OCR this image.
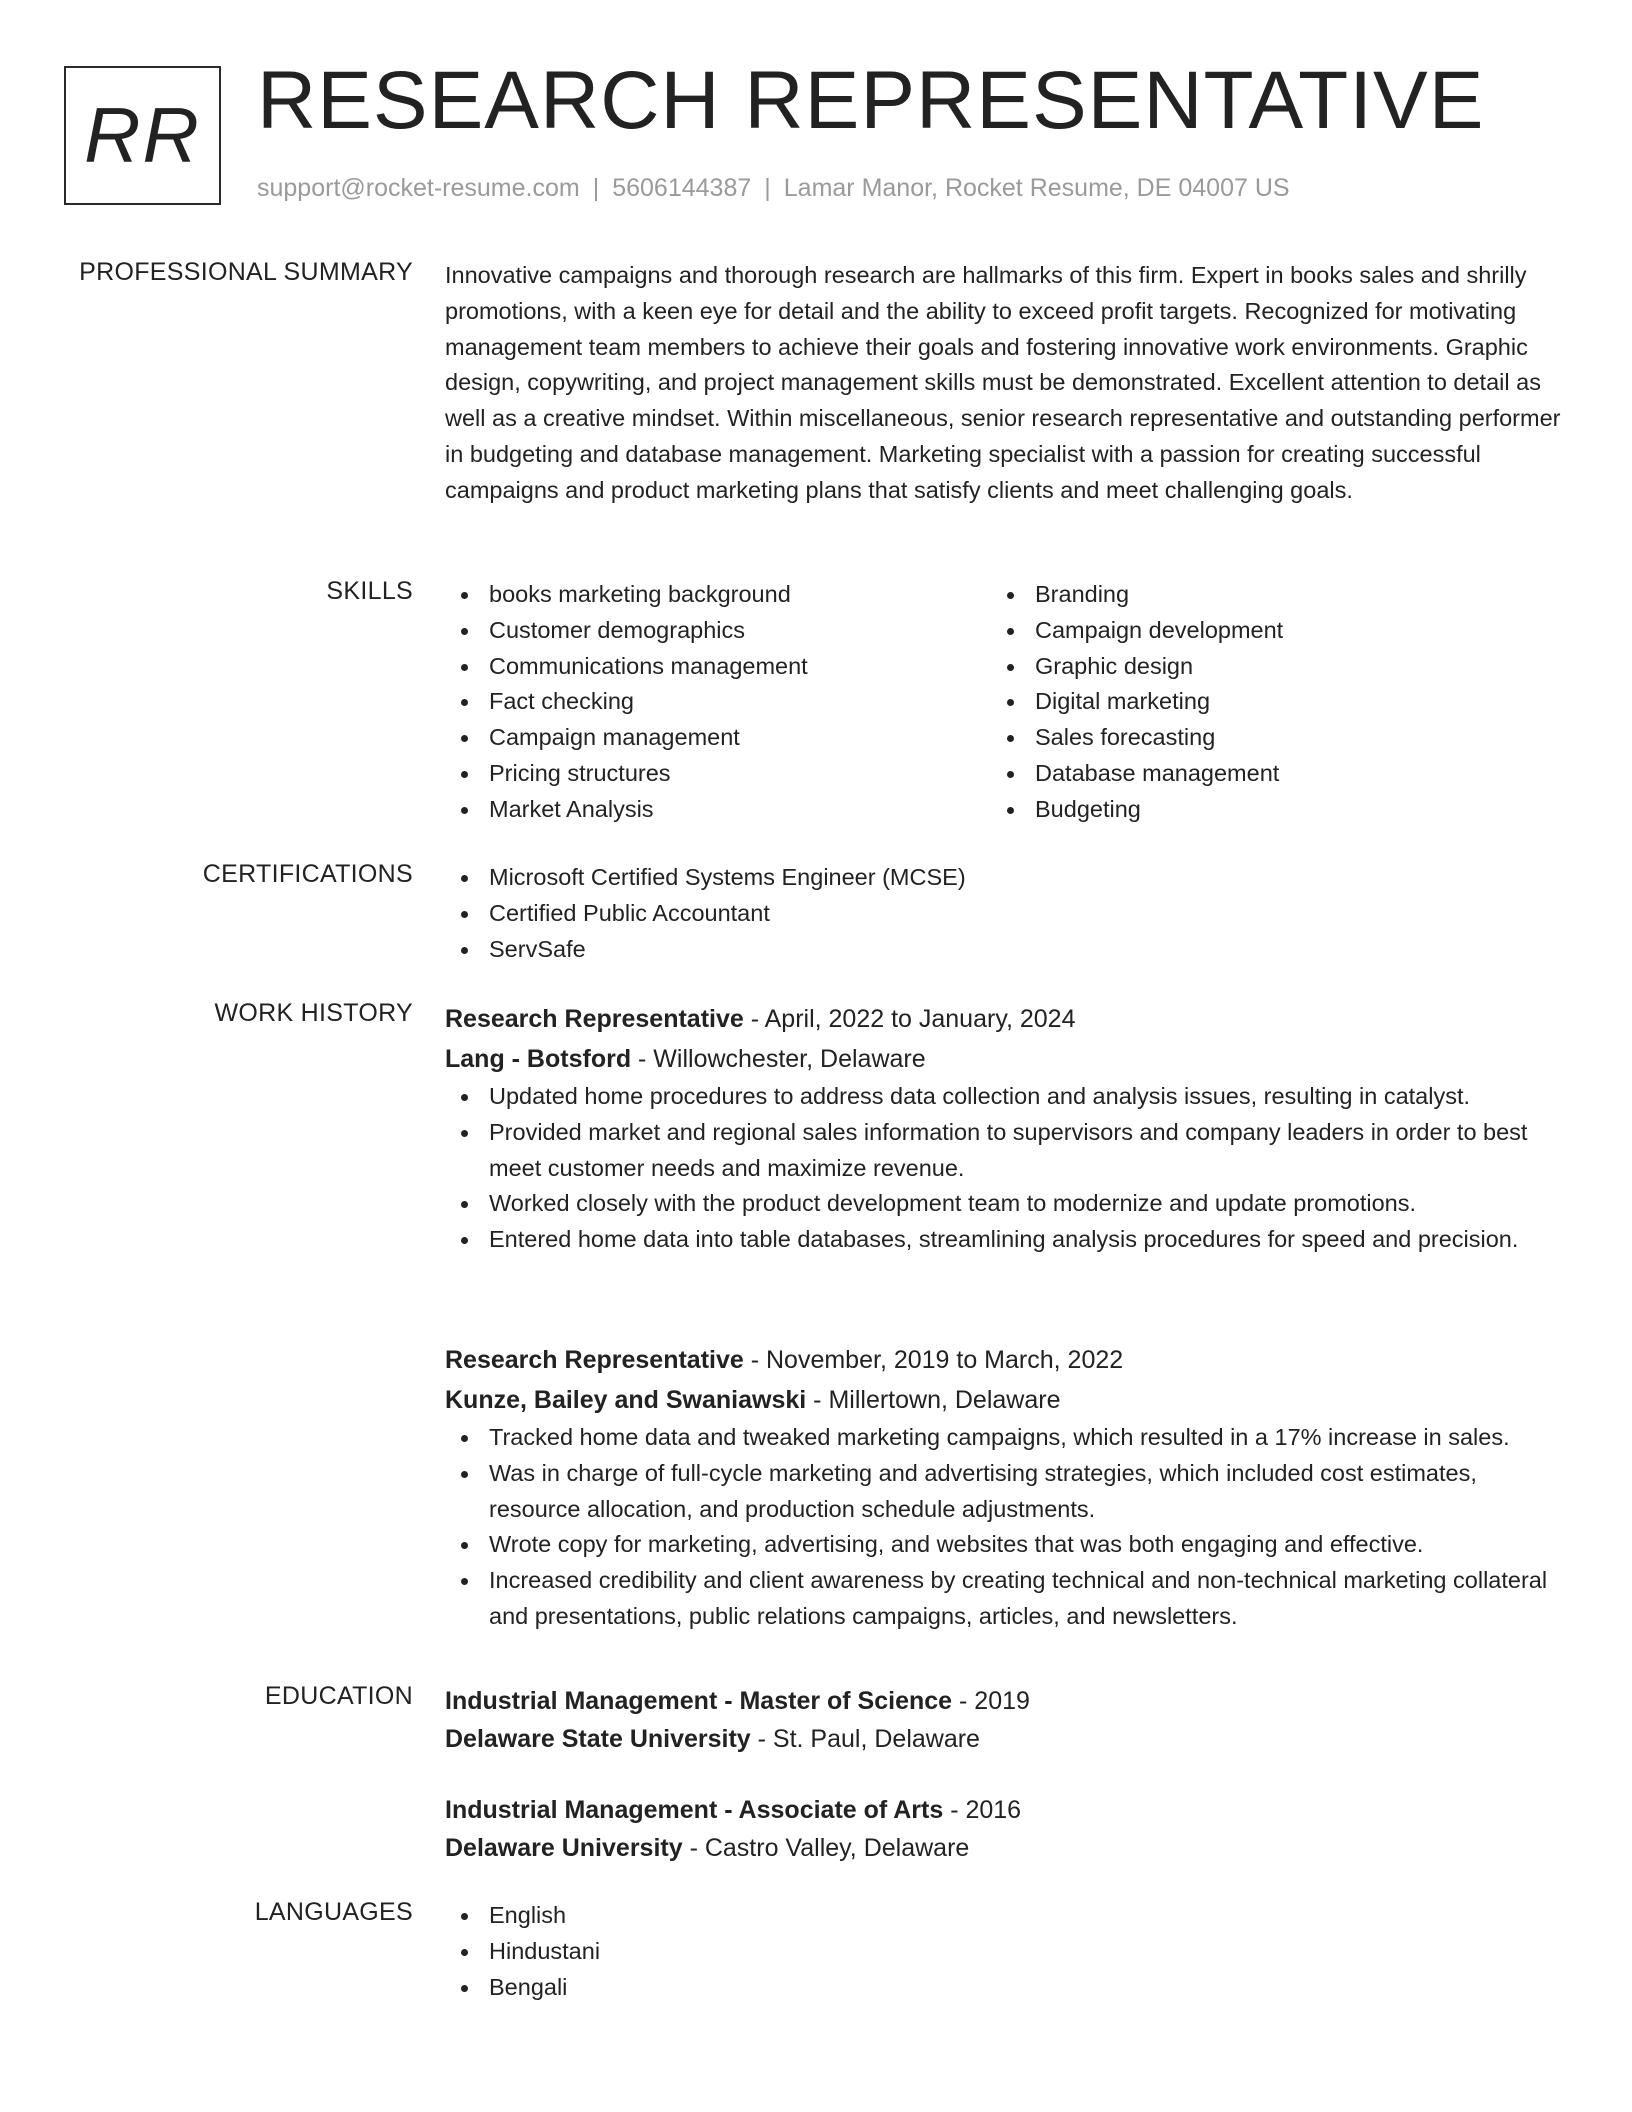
RR RESEARCH REPRESENTATIVE
support@rocket-resume.com | 5606144387 | Lamar Manor, Rocket Resume, DE 04007 US
PROFESSIONAL SUMMARY Innovative campaigns and thorough research are hallmarks of this firm. Expert in books sales and shrilly promotions, with a keen eye for detail and the ability to exceed profit targets. Recognized for motivating management team members to achieve their goals and fostering innovative work environments. Graphic design, copywriting, and project management skills must be demonstrated. Excellent attention to detail as well as a creative mindset. Within miscellaneous, senior research representative and outstanding performer in budgeting and database management. Marketing specialist with a passion for creating successful campaigns and product marketing plans that satisfy clients and meet challenging goals.

SKILLS	books marketing background
Customer demographics
Communications management
Fact checking
Campaign management
Pricing structures
Market Analysis
Branding
Campaign development
Graphic design
Digital marketing
Sales forecasting
Database management
Budgeting
CERTIFICATIONS	Microsoft Certified Systems Engineer (MCSE)
Certified Public Accountant
ServSafe
WORK HISTORY Research Representative - April, 2022 to January, 2024
Lang - Botsford - Willowchester, Delaware
Updated home procedures to address data collection and analysis issues, resulting in catalyst.
Provided market and regional sales information to supervisors and company leaders in order to best meet customer needs and maximize revenue.
Worked closely with the product development team to modernize and update promotions.
Entered home data into table databases, streamlining analysis procedures for speed and precision.
Research Representative - November, 2019 to March, 2022
Kunze, Bailey and Swaniawski - Millertown, Delaware
Tracked home data and tweaked marketing campaigns, which resulted in a 17% increase in sales.
Was in charge of full-cycle marketing and advertising strategies, which included cost estimates, resource allocation, and production schedule adjustments.
Wrote copy for marketing, advertising, and websites that was both engaging and effective.
Increased credibility and client awareness by creating technical and non-technical marketing collateral and presentations, public relations campaigns, articles, and newsletters.
EDUCATION Industrial Management - Master of Science - 2019
Delaware State University - St. Paul, Delaware
Industrial Management - Associate of Arts - 2016
Delaware University - Castro Valley, Delaware
LANGUAGES	English
Hindustani
Bengali
